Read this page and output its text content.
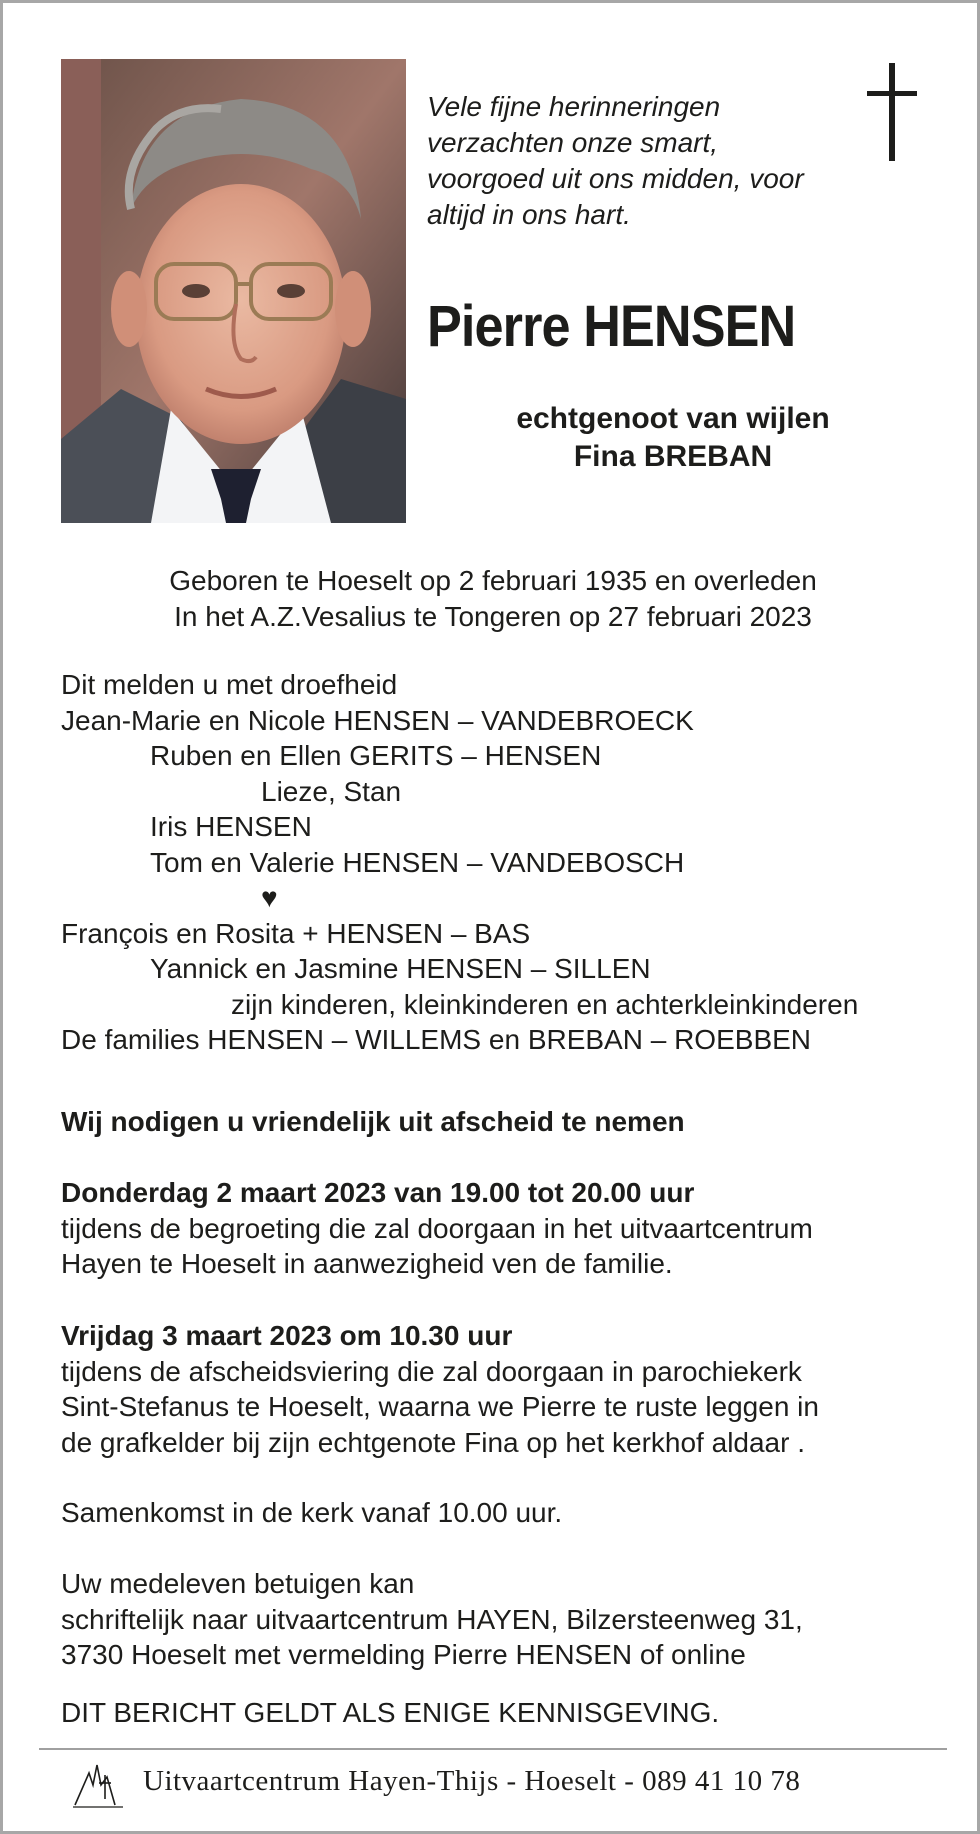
Vele fijne herinneringen
verzachten onze smart,
voorgoed uit ons midden, voor
altijd in ons hart.
Pierre HENSEN
echtgenoot van wijlen
Fina BREBAN
Geboren te Hoeselt op 2 februari 1935 en overleden
In het A.Z.Vesalius te Tongeren op 27 februari 2023
Dit melden u met droefheid
Jean-Marie en Nicole HENSEN – VANDEBROECK
Ruben en Ellen GERITS – HENSEN
Lieze, Stan
Iris HENSEN
Tom en Valerie HENSEN – VANDEBOSCH
♥
François en Rosita + HENSEN – BAS
Yannick en Jasmine HENSEN – SILLEN
zijn kinderen, kleinkinderen en achterkleinkinderen
De families HENSEN – WILLEMS en BREBAN – ROEBBEN
Wij nodigen u vriendelijk uit afscheid te nemen
Donderdag 2 maart 2023 van 19.00 tot 20.00 uur
tijdens de begroeting die zal doorgaan in het uitvaartcentrum
Hayen te Hoeselt in aanwezigheid ven de familie.
Vrijdag 3 maart 2023 om 10.30 uur
tijdens de afscheidsviering die zal doorgaan in parochiekerk
Sint-Stefanus te Hoeselt, waarna we Pierre te ruste leggen in
de grafkelder bij zijn echtgenote Fina op het kerkhof aldaar .
Samenkomst in de kerk vanaf 10.00 uur.
Uw medeleven betuigen kan
schriftelijk naar uitvaartcentrum HAYEN, Bilzersteenweg 31,
3730 Hoeselt met vermelding Pierre HENSEN of online
DIT BERICHT GELDT ALS ENIGE KENNISGEVING.
Uitvaartcentrum Hayen-Thijs - Hoeselt - 089 41 10 78
